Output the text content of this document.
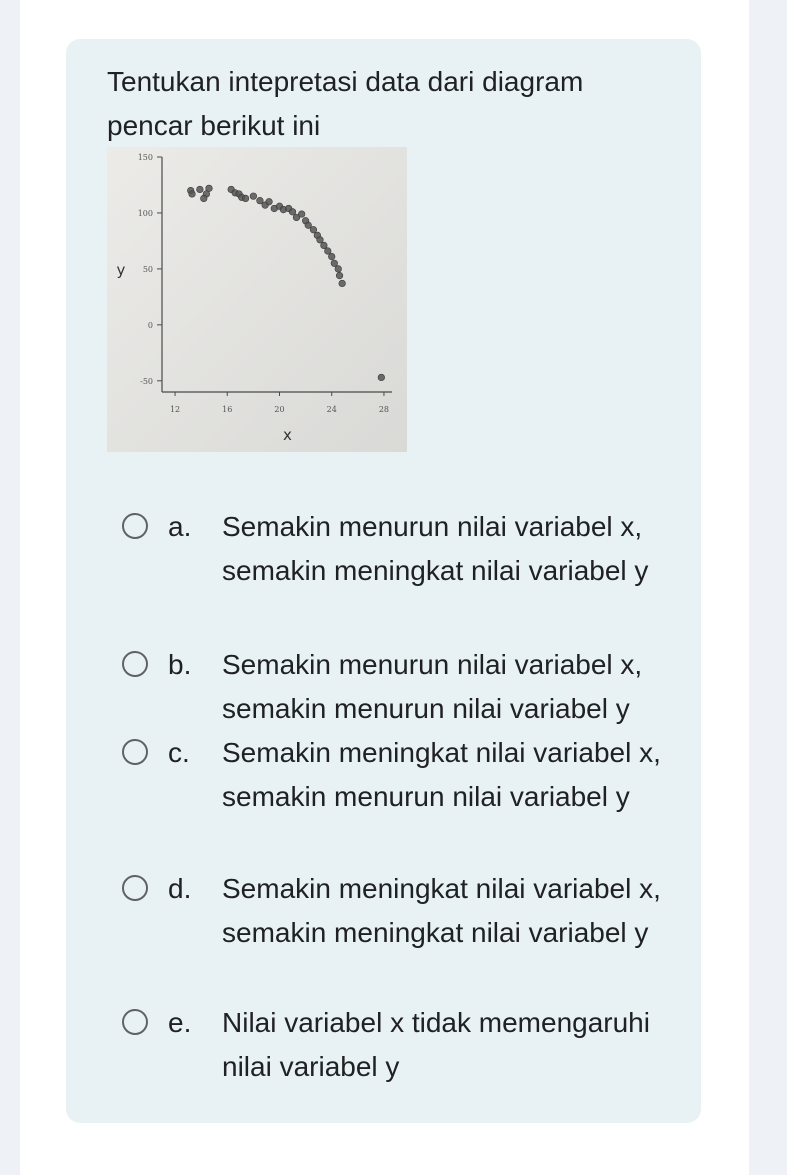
Tentukan intepretasi data dari diagram pencar berikut ini

150
100
50
0
-50
12	16	20	24	28
x
y
a. Semakin menurun nilai variabel x, semakin meningkat nilai variabel y
b. Semakin menurun nilai variabel x, semakin menurun nilai variabel y
c. Semakin meningkat nilai variabel x, semakin menurun nilai variabel y
d. Semakin meningkat nilai variabel x, semakin meningkat nilai variabel y
e. Nilai variabel x tidak memengaruhi nilai variabel y
